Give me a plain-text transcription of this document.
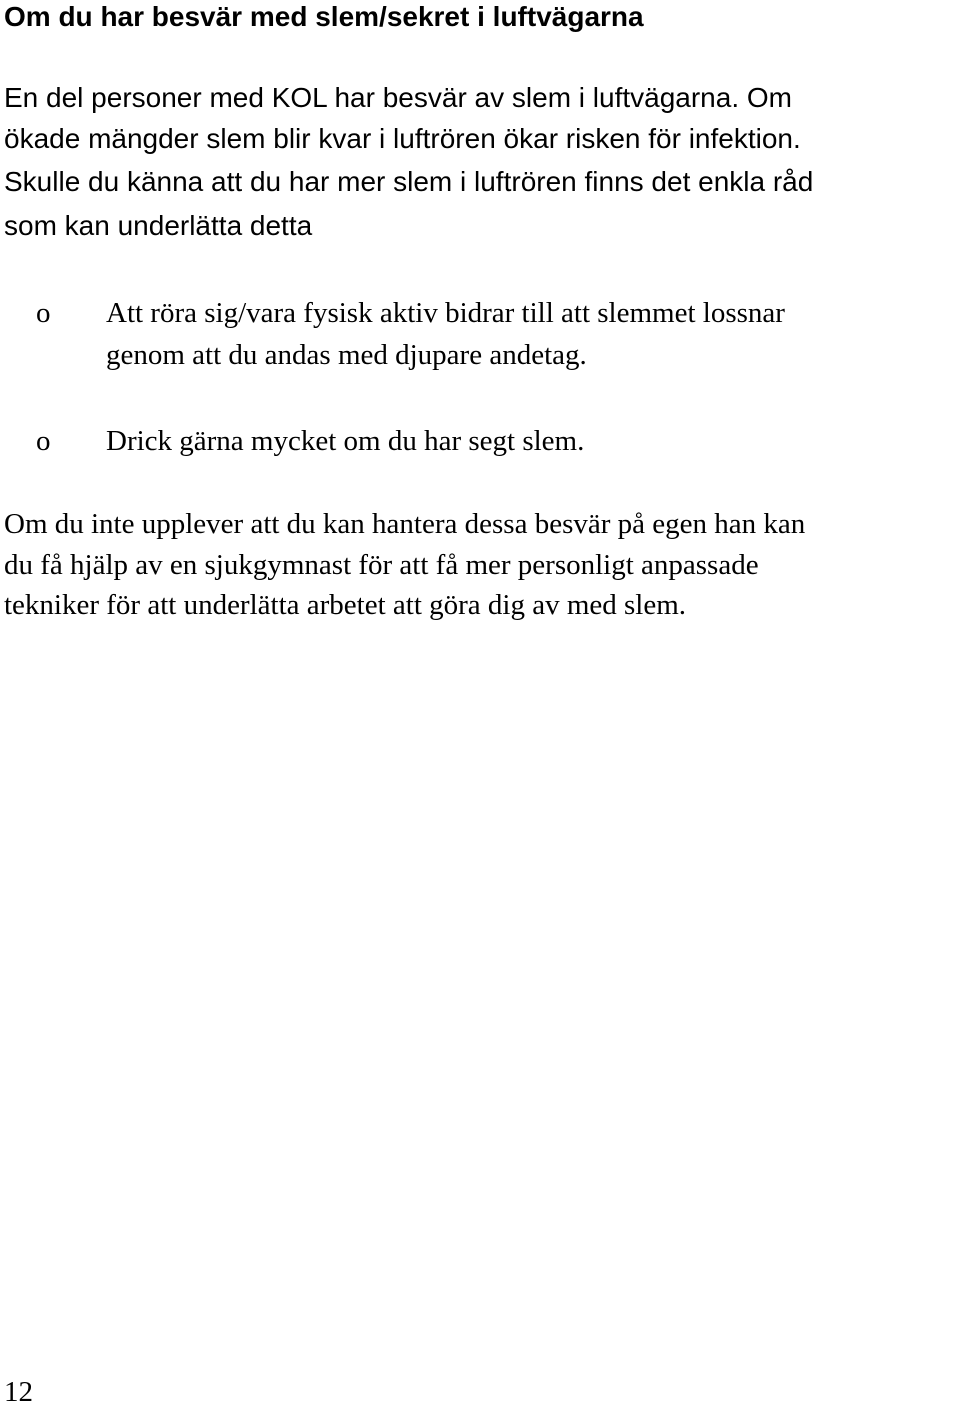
Om du har besvär med slem/sekret i luftvägarna
En del personer med KOL har besvär av slem i luftvägarna. Om
ökade mängder slem blir kvar i luftrören ökar risken för infektion.
Skulle du känna att du har mer slem i luftrören finns det enkla råd
som kan underlätta detta
o Att röra sig/vara fysisk aktiv bidrar till att slemmet lossnar
genom att du andas med djupare andetag.
o Drick gärna mycket om du har segt slem.
Om du inte upplever att du kan hantera dessa besvär på egen han kan
du få hjälp av en sjukgymnast för att få mer personligt anpassade
tekniker för att underlätta arbetet att göra dig av med slem.
12
